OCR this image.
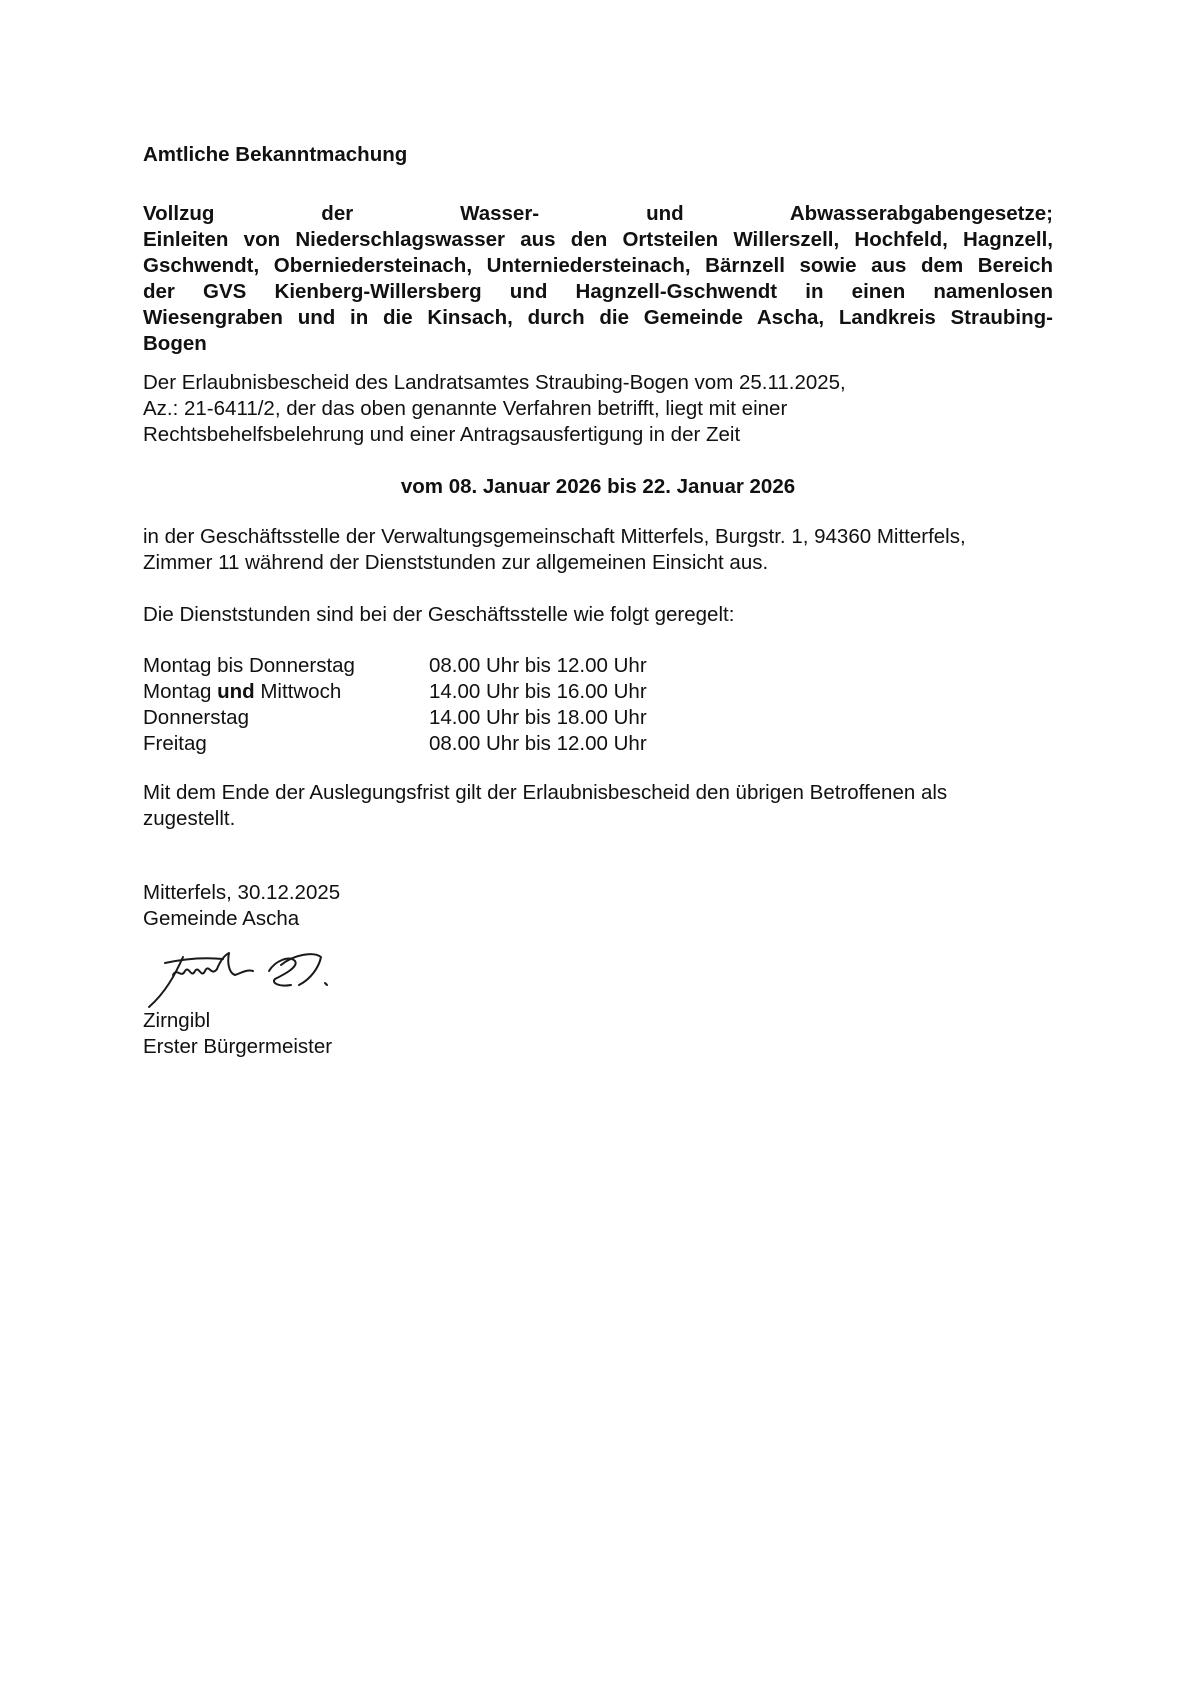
Amtliche Bekanntmachung
Vollzug der Wasser- und Abwasserabgabengesetze;
Einleiten von Niederschlagswasser aus den Ortsteilen Willerszell, Hochfeld, Hagnzell,
Gschwendt, Oberniedersteinach, Unterniedersteinach, Bärnzell sowie aus dem Bereich
der GVS Kienberg-Willersberg und Hagnzell-Gschwendt in einen namenlosen
Wiesengraben und in die Kinsach, durch die Gemeinde Ascha, Landkreis Straubing-
Bogen
Der Erlaubnisbescheid des Landratsamtes Straubing-Bogen vom 25.11.2025,
Az.: 21-6411/2, der das oben genannte Verfahren betrifft, liegt mit einer
Rechtsbehelfsbelehrung und einer Antragsausfertigung in der Zeit
vom 08. Januar 2026 bis 22. Januar 2026
in der Geschäftsstelle der Verwaltungsgemeinschaft Mitterfels, Burgstr. 1, 94360 Mitterfels,
Zimmer 11 während der Dienststunden zur allgemeinen Einsicht aus.
Die Dienststunden sind bei der Geschäftsstelle wie folgt geregelt:
Montag bis Donnerstag	08.00 Uhr bis 12.00 Uhr
Montag und Mittwoch	14.00 Uhr bis 16.00 Uhr
Donnerstag	14.00 Uhr bis 18.00 Uhr
Freitag	08.00 Uhr bis 12.00 Uhr
Mit dem Ende der Auslegungsfrist gilt der Erlaubnisbescheid den übrigen Betroffenen als
zugestellt.
Mitterfels, 30.12.2025
Gemeinde Ascha
Zirngibl
Erster Bürgermeister
